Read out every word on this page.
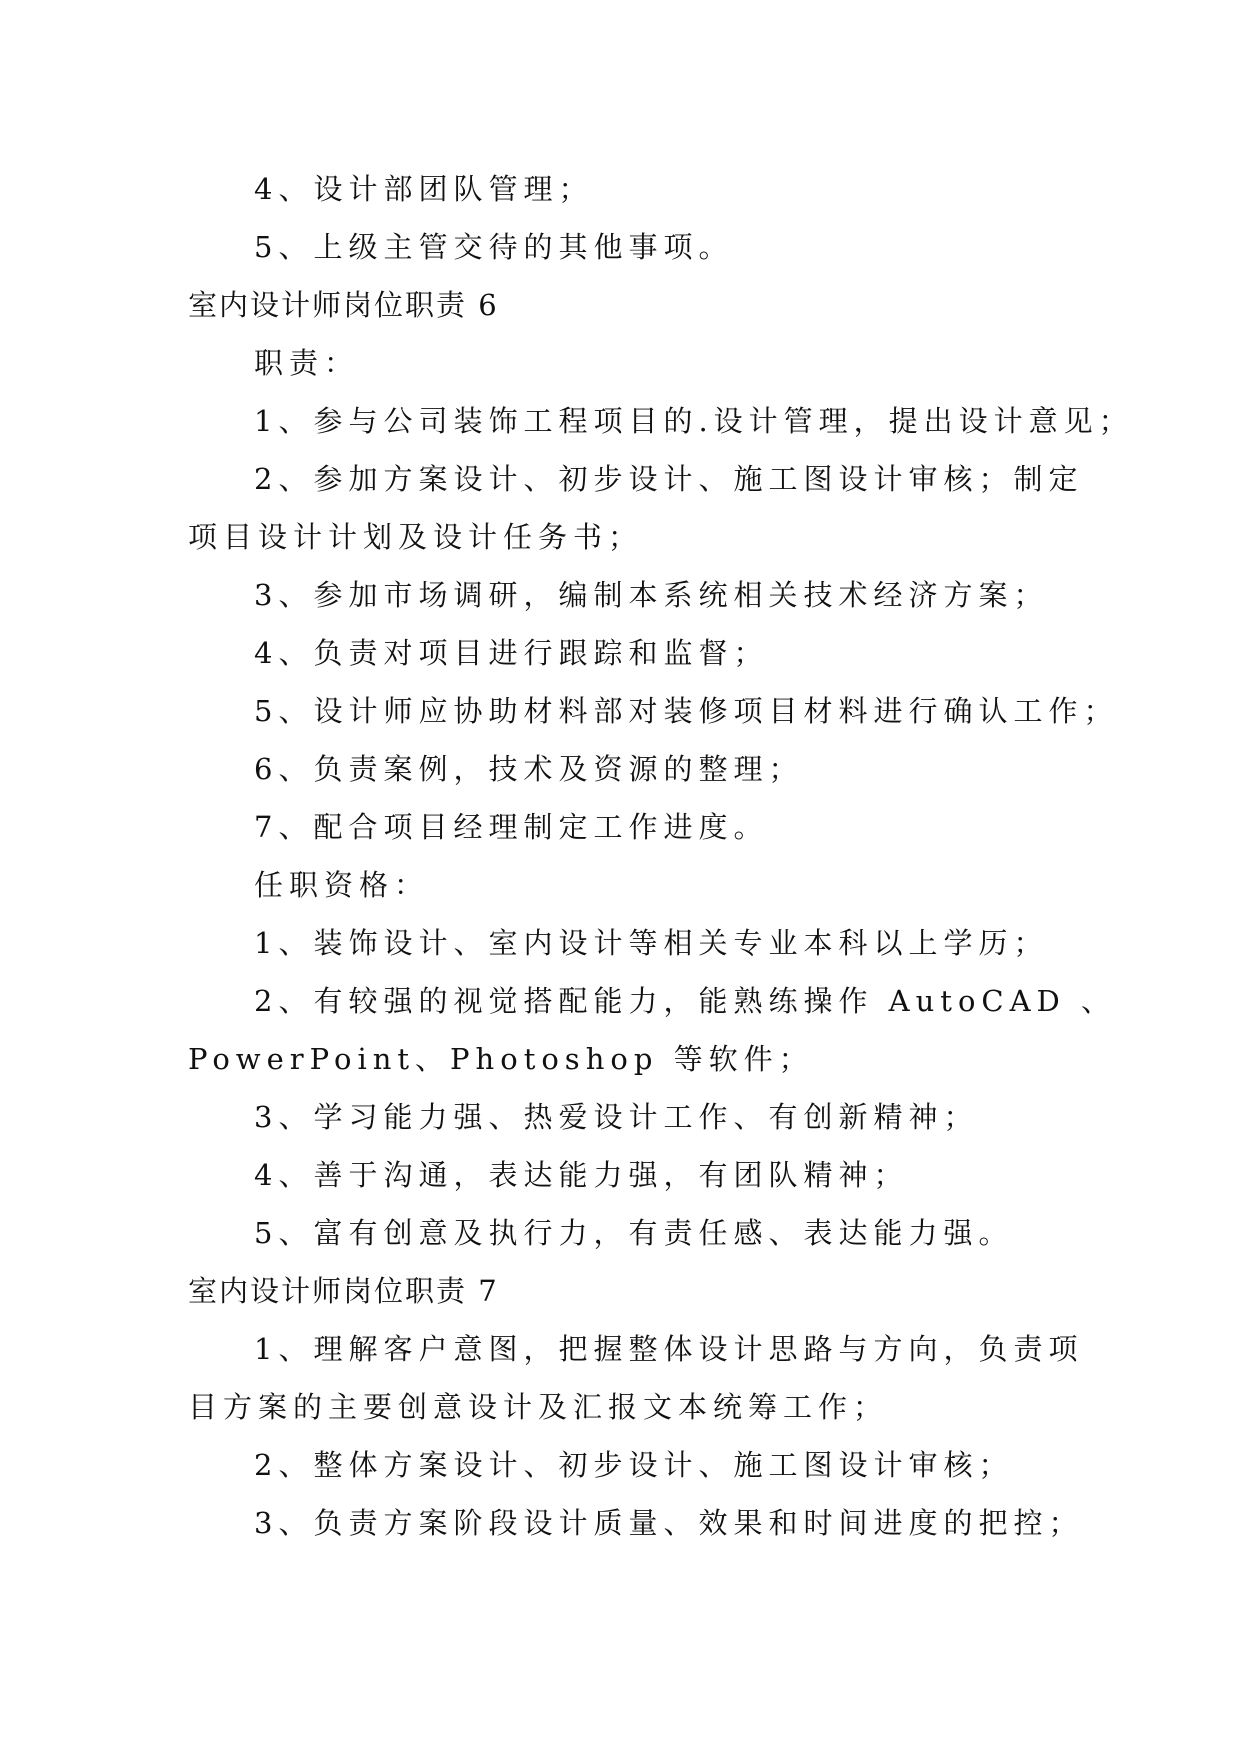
4、设计部团队管理；
5、上级主管交待的其他事项。
室内设计师岗位职责 6
职责：
1、参与公司装饰工程项目的.设计管理，提出设计意见；
2、参加方案设计、初步设计、施工图设计审核；制定
项目设计计划及设计任务书；
3、参加市场调研，编制本系统相关技术经济方案；
4、负责对项目进行跟踪和监督；
5、设计师应协助材料部对装修项目材料进行确认工作；
6、负责案例，技术及资源的整理；
7、配合项目经理制定工作进度。
任职资格：
1、装饰设计、室内设计等相关专业本科以上学历；
2、有较强的视觉搭配能力，能熟练操作 AutoCAD 、
PowerPoint、Photoshop 等软件；
3、学习能力强、热爱设计工作、有创新精神；
4、善于沟通，表达能力强，有团队精神；
5、富有创意及执行力，有责任感、表达能力强。
室内设计师岗位职责 7
1、理解客户意图，把握整体设计思路与方向，负责项
目方案的主要创意设计及汇报文本统筹工作；
2、整体方案设计、初步设计、施工图设计审核；
3、负责方案阶段设计质量、效果和时间进度的把控；
